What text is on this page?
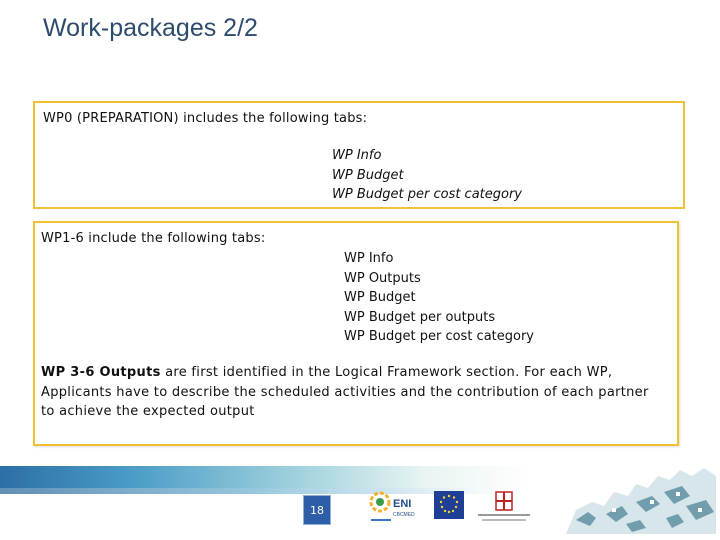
Work-packages 2/2
WP0 (PREPARATION) includes the following tabs:
WP Info
WP Budget
WP Budget per cost category
WP1-6 include the following tabs:
WP Info
WP Outputs
WP Budget
WP Budget per outputs
WP Budget per cost category
WP 3-6 Outputs are first identified in the Logical Framework section. For each WP, Applicants have to describe the scheduled activities and the contribution of each partner to achieve the expected output
18	ENI
CBCMED
